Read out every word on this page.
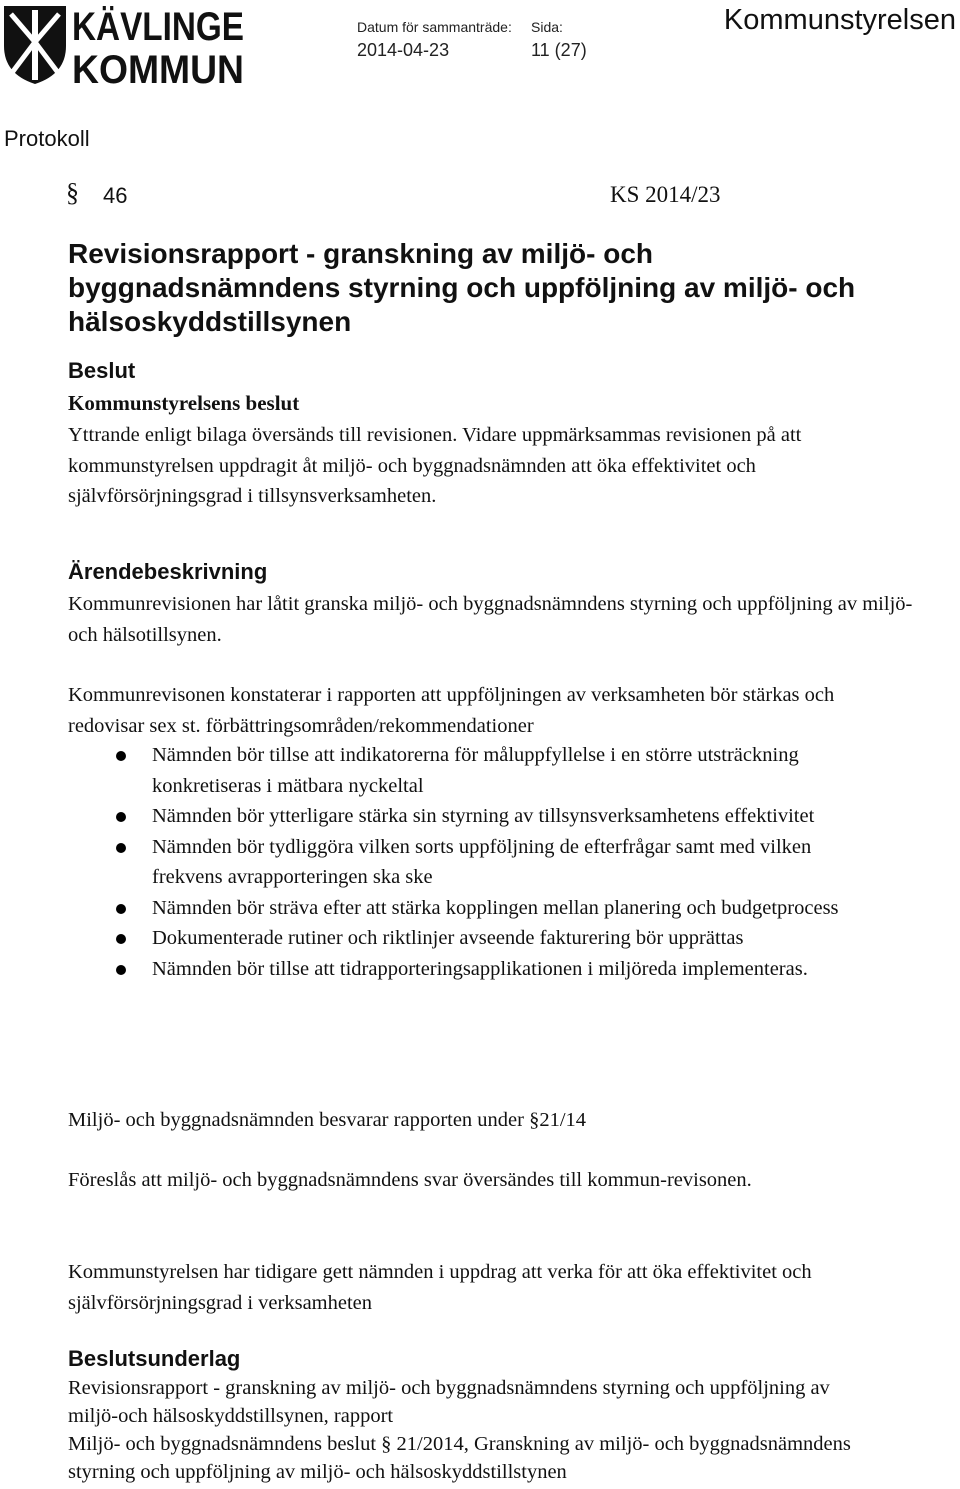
KÄVLINGE
KOMMUN
Datum för sammanträde:
2014-04-23
Sida:
11 (27)
Kommunstyrelsen
Protokoll
§ 46	KS 2014/23
Revisionsrapport - granskning av miljö- och byggnadsnämndens styrning och uppföljning av miljö- och hälsoskyddstillsynen
Beslut
Kommunstyrelsens beslut

Yttrande enligt bilaga översänds till revisionen. Vidare uppmärksammas revisionen på att kommunstyrelsen uppdragit åt miljö- och byggnadsnämnden att öka effektivitet och självförsörjningsgrad i tillsynsverksamheten.

Ärendebeskrivning

Kommunrevisionen har låtit granska miljö- och byggnadsnämndens styrning och uppföljning av miljö- och hälsotillsynen.

Kommunrevisonen konstaterar i rapporten att uppföljningen av verksamheten bör stärkas och redovisar sex st. förbättringsområden/rekommendationer

Nämnden bör tillse att indikatorerna för måluppfyllelse i en större utsträckning konkretiseras i mätbara nyckeltal
Nämnden bör ytterligare stärka sin styrning av tillsynsverksamhetens effektivitet
Nämnden bör tydliggöra vilken sorts uppföljning de efterfrågar samt med vilken frekvens avrapporteringen ska ske
Nämnden bör sträva efter att stärka kopplingen mellan planering och budgetprocess
Dokumenterade rutiner och riktlinjer avseende fakturering bör upprättas
Nämnden bör tillse att tidrapporteringsapplikationen i miljöreda implementeras.

Miljö- och byggnadsnämnden besvarar rapporten under §21/14

Föreslås att miljö- och byggnadsnämndens svar översändes till kommun-revisonen.

Kommunstyrelsen har tidigare gett nämnden i uppdrag att verka för att öka effektivitet och självförsörjningsgrad i verksamheten

Beslutsunderlag

Revisionsrapport - granskning av miljö- och byggnadsnämndens styrning och uppföljning av miljö-och hälsoskyddstillsynen, rapport

Miljö- och byggnadsnämndens beslut § 21/2014, Granskning av miljö- och byggnadsnämndens styrning och uppföljning av miljö- och hälsoskyddstillstynen
